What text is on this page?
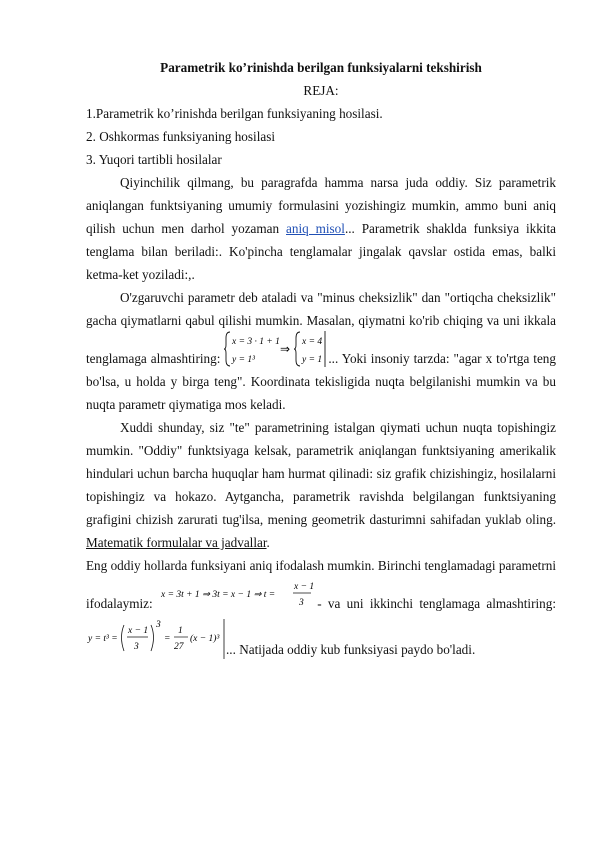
Parametrik ko’rinishda berilgan funksiyalarni tekshirish
REJA:
1.Parametrik ko’rinishda berilgan funksiyaning hosilasi.
2. Oshkormas funksiyaning hosilasi
3. Yuqori tartibli hosilalar

Qiyinchilik qilmang, bu paragrafda hamma narsa juda oddiy. Siz parametrik aniqlangan funktsiyaning umumiy formulasini yozishingiz mumkin, ammo buni aniq qilish uchun men darhol yozaman aniq misol... Parametrik shaklda funksiya ikkita tenglama bilan beriladi:. Ko'pincha tenglamalar jingalak qavslar ostida emas, balki ketma-ket yoziladi:,.

O'zgaruvchi parametr deb ataladi va "minus cheksizlik" dan "ortiqcha cheksizlik" gacha qiymatlarni qabul qilishi mumkin. Masalan, qiymatni ko'rib chiqing va uni ikkala tenglamaga almashtiring:
x = 3 · 1 + 1
y = 1³
⇒ x = 4
y = 1 ... Yoki insoniy tarzda: "agar x to'rtga teng bo'lsa, u holda y birga teng". Koordinata tekisligida nuqta belgilanishi mumkin va bu nuqta parametr qiymatiga mos keladi.

Xuddi shunday, siz "te" parametrining istalgan qiymati uchun nuqta topishingiz mumkin. "Oddiy" funktsiyaga kelsak, parametrik aniqlangan funktsiyaning amerikalik hindulari uchun barcha huquqlar ham hurmat qilinadi: siz grafik chizishingiz, hosilalarni topishingiz va hokazo. Aytgancha, parametrik ravishda belgilangan funktsiyaning grafigini chizish zarurati tug'ilsa, mening geometrik dasturimni sahifadan yuklab oling. Matematik formulalar va jadvallar.

Eng oddiy hollarda funksiyani aniq ifodalash mumkin. Birinchi tenglamadagi parametrni ifodalaymiz:
x = 3t + 1 ⇒ 3t = x − 1 ⇒ t =
x − 1
3 - va uni ikkinchi tenglamaga almashtiring:
y = t³ =
x − 1
3
3
=
1
27
(x − 1)³
... Natijada oddiy kub funksiyasi paydo bo'ladi.
